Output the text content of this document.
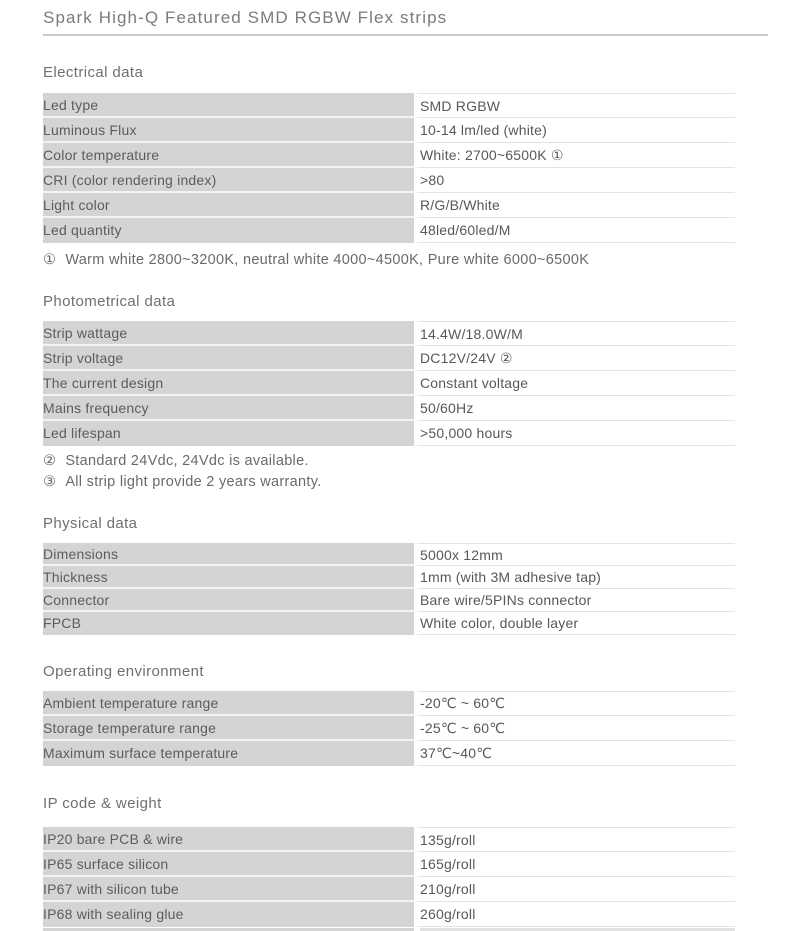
Spark High-Q Featured SMD RGBW Flex strips
Electrical data
Led type	SMD RGBW
Luminous Flux	10-14 lm/led (white)
Color temperature	White: 2700~6500K ①
CRI (color rendering index)	>80
Light color	R/G/B/White
Led quantity	48led/60led/M
① Warm white 2800~3200K, neutral white 4000~4500K, Pure white 6000~6500K
Photometrical data
Strip wattage	14.4W/18.0W/M
Strip voltage	DC12V/24V ②
The current design	Constant voltage
Mains frequency	50/60Hz
Led lifespan	>50,000 hours
② Standard 24Vdc, 24Vdc is available.
③ All strip light provide 2 years warranty.
Physical data
Dimensions	5000x 12mm
Thickness	1mm (with 3M adhesive tap)
Connector	Bare wire/5PINs connector
FPCB	White color, double layer
Operating environment
Ambient temperature range	-20℃ ~ 60℃
Storage temperature range	-25℃ ~ 60℃
Maximum surface temperature	37℃~40℃
IP code & weight
IP20 bare PCB & wire	135g/roll
IP65 surface silicon	165g/roll
IP67 with silicon tube	210g/roll
IP68 with sealing glue	260g/roll
